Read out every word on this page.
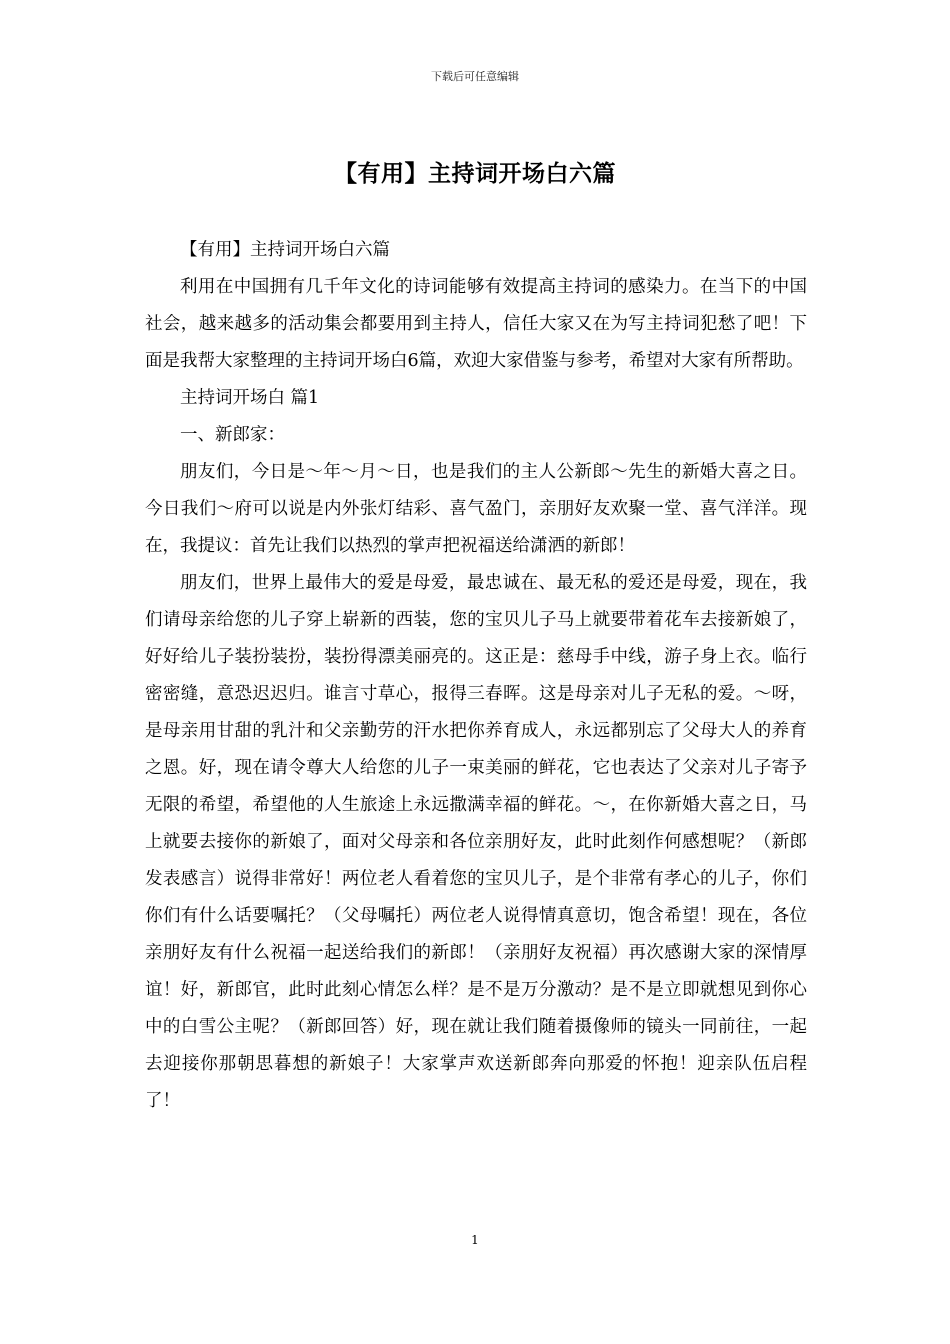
下载后可任意编辑
【有用】主持词开场白六篇

【有用】主持词开场白六篇

利用在中国拥有几千年文化的诗词能够有效提高主持词的感染力。在当下的中国社会，越来越多的活动集会都要用到主持人，信任大家又在为写主持词犯愁了吧！下面是我帮大家整理的主持词开场白6篇，欢迎大家借鉴与参考，希望对大家有所帮助。

主持词开场白 篇1

一、新郎家：

朋友们，今日是～年～月～日，也是我们的主人公新郎～先生的新婚大喜之日。今日我们～府可以说是内外张灯结彩、喜气盈门，亲朋好友欢聚一堂、喜气洋洋。现在，我提议：首先让我们以热烈的掌声把祝福送给潇洒的新郎！

朋友们，世界上最伟大的爱是母爱，最忠诚在、最无私的爱还是母爱，现在，我们请母亲给您的儿子穿上崭新的西装，您的宝贝儿子马上就要带着花车去接新娘了，好好给儿子装扮装扮，装扮得漂美丽亮的。这正是：慈母手中线，游子身上衣。临行密密缝，意恐迟迟归。谁言寸草心，报得三春晖。这是母亲对儿子无私的爱。～呀，是母亲用甘甜的乳汁和父亲勤劳的汗水把你养育成人，永远都别忘了父母大人的养育之恩。好，现在请令尊大人给您的儿子一束美丽的鲜花，它也表达了父亲对儿子寄予无限的希望，希望他的人生旅途上永远撒满幸福的鲜花。～，在你新婚大喜之日，马上就要去接你的新娘了，面对父母亲和各位亲朋好友，此时此刻作何感想呢？（新郎发表感言）说得非常好！两位老人看着您的宝贝儿子，是个非常有孝心的儿子，你们你们有什么话要嘱托？（父母嘱托）两位老人说得情真意切，饱含希望！现在，各位亲朋好友有什么祝福一起送给我们的新郎！（亲朋好友祝福）再次感谢大家的深情厚谊！好，新郎官，此时此刻心情怎么样？是不是万分激动？是不是立即就想见到你心中的白雪公主呢？（新郎回答）好，现在就让我们随着摄像师的镜头一同前往，一起去迎接你那朝思暮想的新娘子！大家掌声欢送新郎奔向那爱的怀抱！迎亲队伍启程了！

1
